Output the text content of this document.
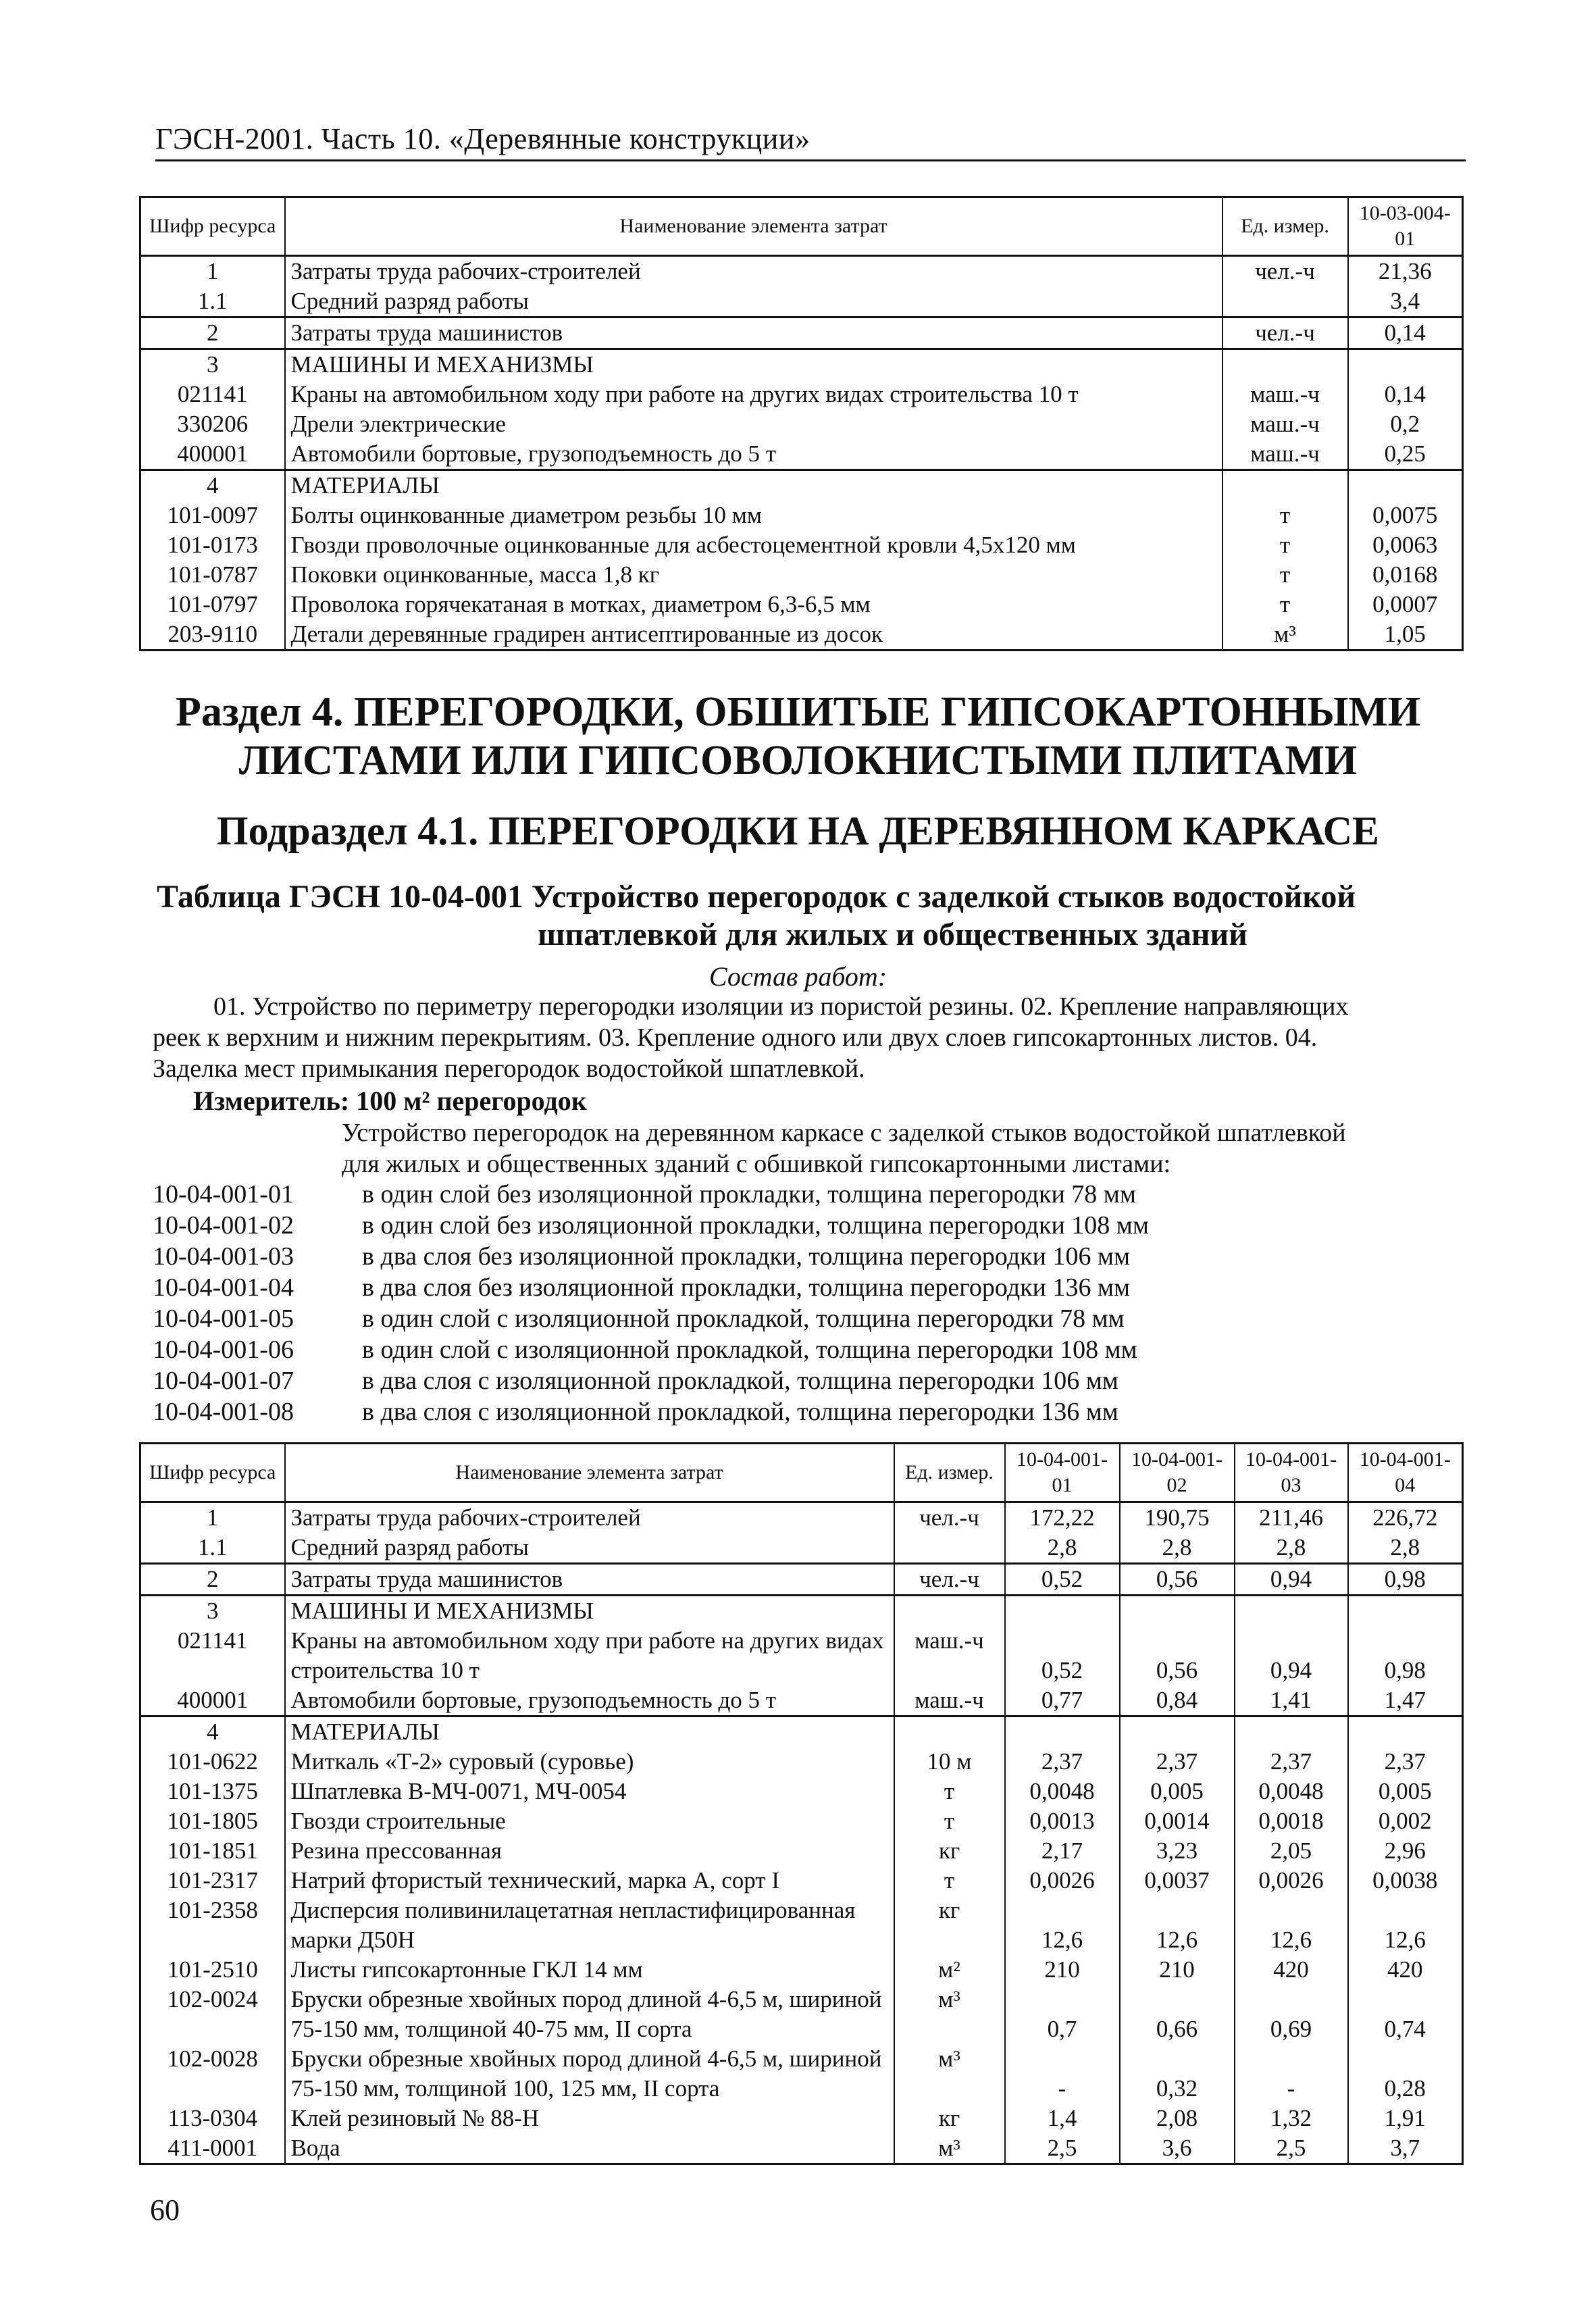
ГЭСН-2001. Часть 10. «Деревянные конструкции»
Шифр ресурса	Наименование элемента затрат	Ед. измер.	10-03-004-01
1	Затраты труда рабочих-строителей	чел.-ч	21,36
1.1	Средний разряд работы		3,4
2	Затраты труда машинистов	чел.-ч	0,14
3	МАШИНЫ И МЕХАНИЗМЫ		
021141	Краны на автомобильном ходу при работе на других видах строительства 10 т	маш.-ч	0,14
330206	Дрели электрические	маш.-ч	0,2
400001	Автомобили бортовые, грузоподъемность до 5 т	маш.-ч	0,25
4	МАТЕРИАЛЫ		
101-0097	Болты оцинкованные диаметром резьбы 10 мм	т	0,0075
101-0173	Гвозди проволочные оцинкованные для асбестоцементной кровли 4,5х120 мм	т	0,0063
101-0787	Поковки оцинкованные, масса 1,8 кг	т	0,0168
101-0797	Проволока горячекатаная в мотках, диаметром 6,3-6,5 мм	т	0,0007
203-9110	Детали деревянные градирен антисептированные из досок	м³	1,05
Раздел 4. ПЕРЕГОРОДКИ, ОБШИТЫЕ ГИПСОКАРТОННЫМИ
ЛИСТАМИ ИЛИ ГИПСОВОЛОКНИСТЫМИ ПЛИТАМИ
Подраздел 4.1. ПЕРЕГОРОДКИ НА ДЕРЕВЯННОМ КАРКАСЕ
Таблица ГЭСН 10-04-001 Устройство перегородок с заделкой стыков водостойкой
шпатлевкой для жилых и общественных зданий
Состав работ:
01. Устройство по периметру перегородки изоляции из пористой резины. 02. Крепление направляющих
реек к верхним и нижним перекрытиям. 03. Крепление одного или двух слоев гипсокартонных листов. 04.
Заделка мест примыкания перегородок водостойкой шпатлевкой.
Измеритель: 100 м² перегородок
Устройство перегородок на деревянном каркасе с заделкой стыков водостойкой шпатлевкой
для жилых и общественных зданий с обшивкой гипсокартонными листами:
10-04-001-01	в один слой без изоляционной прокладки, толщина перегородки 78 мм
10-04-001-02	в один слой без изоляционной прокладки, толщина перегородки 108 мм
10-04-001-03	в два слоя без изоляционной прокладки, толщина перегородки 106 мм
10-04-001-04	в два слоя без изоляционной прокладки, толщина перегородки 136 мм
10-04-001-05	в один слой с изоляционной прокладкой, толщина перегородки 78 мм
10-04-001-06	в один слой с изоляционной прокладкой, толщина перегородки 108 мм
10-04-001-07	в два слоя с изоляционной прокладкой, толщина перегородки 106 мм
10-04-001-08	в два слоя с изоляционной прокладкой, толщина перегородки 136 мм
Шифр ресурса	Наименование элемента затрат	Ед. измер.	10-04-001-01	10-04-001-02	10-04-001-03	10-04-001-04
1	Затраты труда рабочих-строителей	чел.-ч	172,22	190,75	211,46	226,72
1.1	Средний разряд работы		2,8	2,8	2,8	2,8
2	Затраты труда машинистов	чел.-ч	0,52	0,56	0,94	0,98
3	МАШИНЫ И МЕХАНИЗМЫ					
021141	Краны на автомобильном ходу при работе на других видах строительства 10 т	маш.-ч	0,52	0,56	0,94	0,98
400001	Автомобили бортовые, грузоподъемность до 5 т	маш.-ч	0,77	0,84	1,41	1,47
4	МАТЕРИАЛЫ					
101-0622	Миткаль «Т-2» суровый (суровье)	10 м	2,37	2,37	2,37	2,37
101-1375	Шпатлевка В-МЧ-0071, МЧ-0054	т	0,0048	0,005	0,0048	0,005
101-1805	Гвозди строительные	т	0,0013	0,0014	0,0018	0,002
101-1851	Резина прессованная	кг	2,17	3,23	2,05	2,96
101-2317	Натрий фтористый технический, марка А, сорт I	т	0,0026	0,0037	0,0026	0,0038
101-2358	Дисперсия поливинилацетатная непластифицированная марки Д50Н	кг	12,6	12,6	12,6	12,6
101-2510	Листы гипсокартонные ГКЛ 14 мм	м²	210	210	420	420
102-0024	Бруски обрезные хвойных пород длиной 4-6,5 м, шириной 75-150 мм, толщиной 40-75 мм, II сорта	м³	0,7	0,66	0,69	0,74
102-0028	Бруски обрезные хвойных пород длиной 4-6,5 м, шириной 75-150 мм, толщиной 100, 125 мм, II сорта	м³	-	0,32	-	0,28
113-0304	Клей резиновый № 88-Н	кг	1,4	2,08	1,32	1,91
411-0001	Вода	м³	2,5	3,6	2,5	3,7
60
